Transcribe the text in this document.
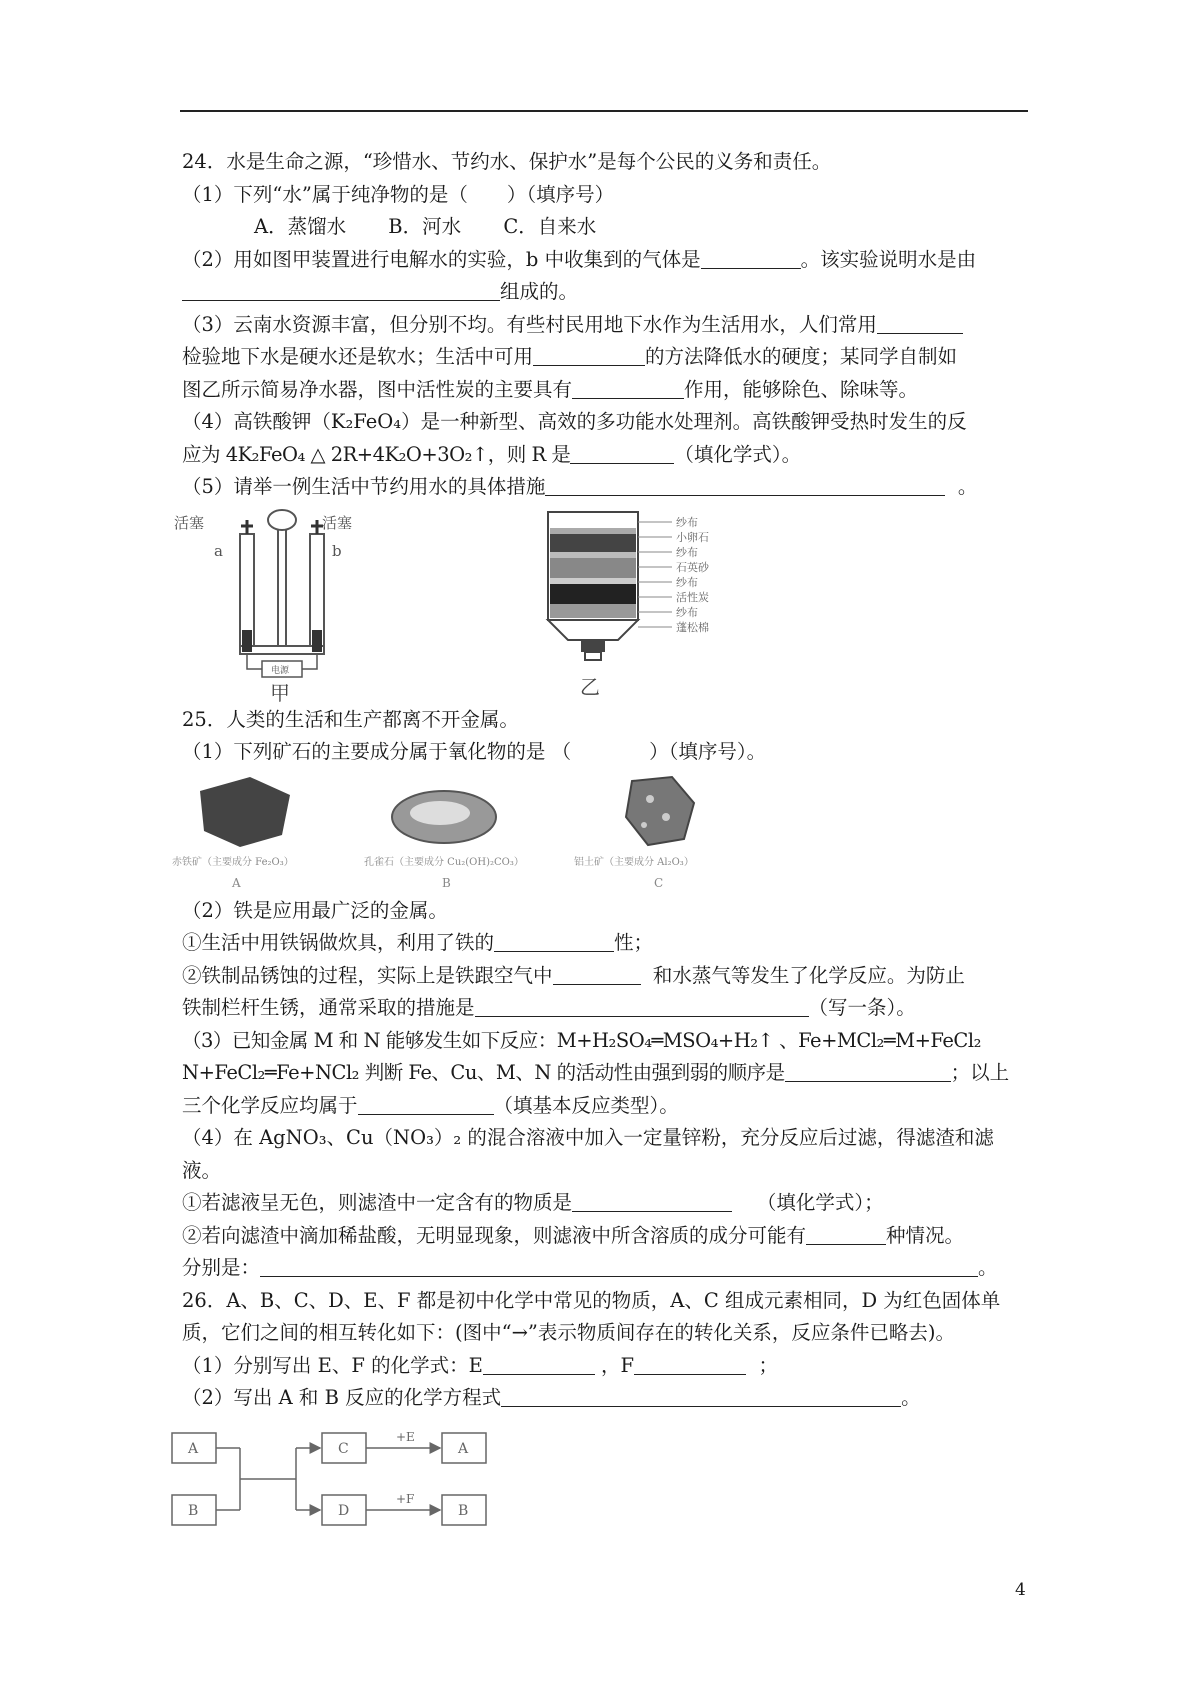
24．水是生命之源，“珍惜水、节约水、保护水”是每个公民的义务和责任。
（1）下列“水”属于纯净物的是（　　）（填序号）
A．蒸馏水 B．河水 C．自来水
（2）用如图甲装置进行电解水的实验，b 中收集到的气体是	。该实验说明水是由
组成的。
（3）云南水资源丰富，但分别不均。有些村民用地下水作为生活用水，人们常用
检验地下水是硬水还是软水；生活中可用	的方法降低水的硬度；某同学自制如
图乙所示简易净水器，图中活性炭的主要具有	作用，能够除色、除味等。
（4）高铁酸钾（K₂FeO₄）是一种新型、高效的多功能水处理剂。高铁酸钾受热时发生的反
应为 4K₂FeO₄ △ 2R+4K₂O+3O₂↑，则 R 是	（填化学式）。
（5）请举一例生活中节约用水的具体措施	。
活塞	活塞
a	b
电源
甲
纱布
小卵石
纱布
石英砂
纱布
活性炭
纱布
蓬松棉
乙
25．人类的生活和生产都离不开金属。
（1）下列矿石的主要成分属于氧化物的是 （　　　　）（填序号）。
赤铁矿（主要成分 Fe₂O₃）
A
孔雀石（主要成分 Cu₂(OH)₂CO₃）
B
铝土矿（主要成分 Al₂O₃）
C
（2）铁是应用最广泛的金属。
①生活中用铁锅做炊具，利用了铁的	性；
②铁制品锈蚀的过程，实际上是铁跟空气中	和水蒸气等发生了化学反应。为防止
铁制栏杆生锈，通常采取的措施是	（写一条）。
（3）已知金属 M 和 N 能够发生如下反应：M+H₂SO₄═MSO₄+H₂↑ 、Fe+MCl₂═M+FeCl₂
N+FeCl₂═Fe+NCl₂ 判断 Fe、Cu、M、N 的活动性由强到弱的顺序是	；以上
三个化学反应均属于	（填基本反应类型）。
（4）在 AgNO₃、Cu（NO₃）₂ 的混合溶液中加入一定量锌粉，充分反应后过滤，得滤渣和滤
液。
①若滤液呈无色，则滤渣中一定含有的物质是	（填化学式）；
②若向滤渣中滴加稀盐酸，无明显现象，则滤液中所含溶质的成分可能有	种情况。
分别是：	。
26．A、B、C、D、E、F 都是初中化学中常见的物质，A、C 组成元素相同，D 为红色固体单
质，它们之间的相互转化如下：(图中“→”表示物质间存在的转化关系，反应条件已略去)。
（1）分别写出 E、F 的化学式：E	，F	；
（2）写出 A 和 B 反应的化学方程式	。
A
B
C
D
+E
+F
A
B
4
